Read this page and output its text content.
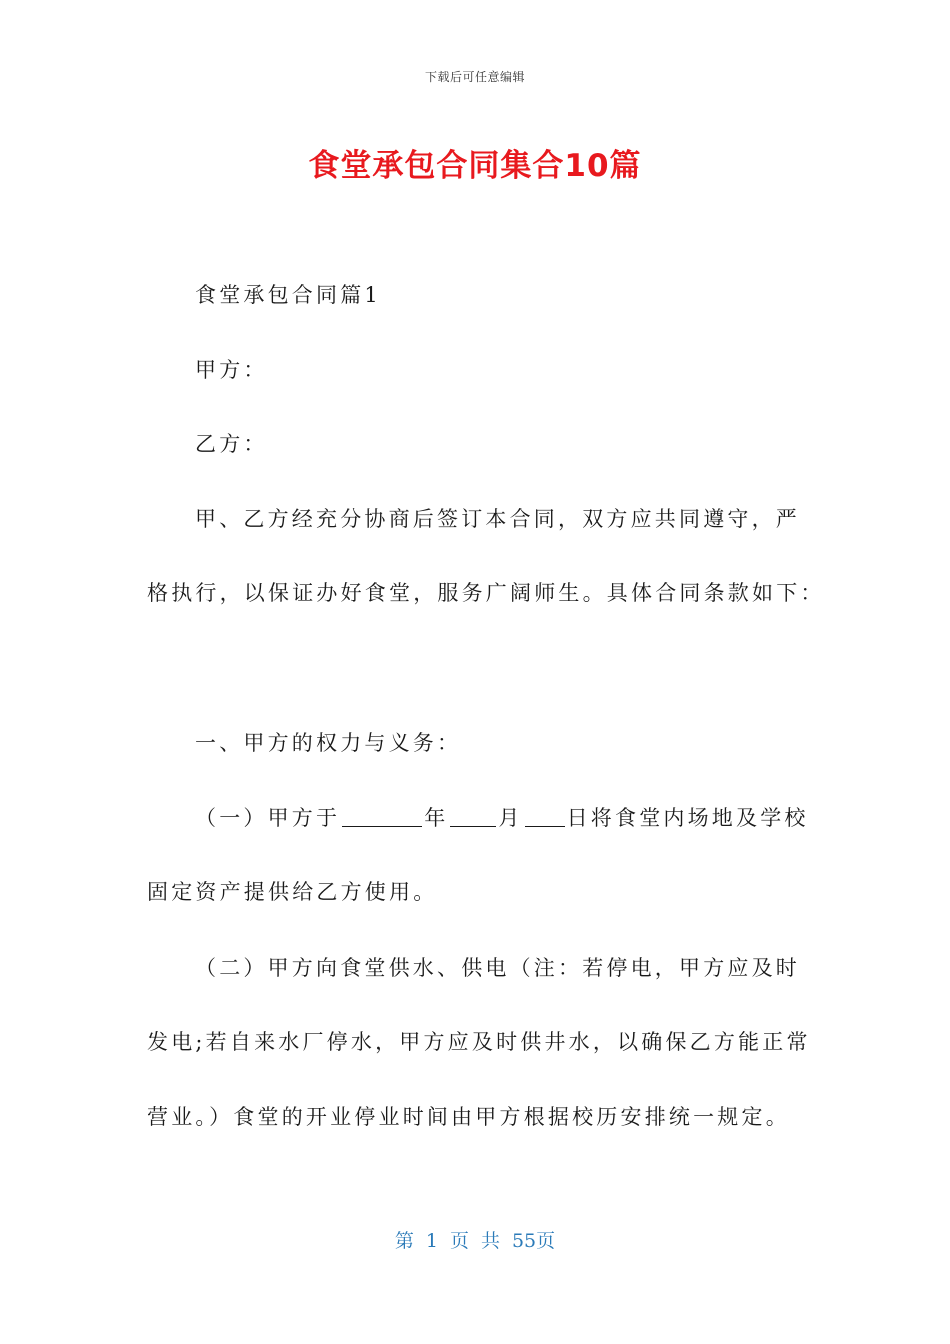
下载后可任意编辑
食堂承包合同集合10篇
食堂承包合同篇1
甲方：
乙方：
甲、乙方经充分协商后签订本合同，双方应共同遵守，严
格执行，以保证办好食堂，服务广阔师生。具体合同条款如下：
一、甲方的权力与义务：
（一）甲方于	年 月 日将食堂内场地及学校
固定资产提供给乙方使用。
（二）甲方向食堂供水、供电（注：若停电，甲方应及时
发电;若自来水厂停水，甲方应及时供井水，以确保乙方能正常
营业。）食堂的开业停业时间由甲方根据校历安排统一规定。
第 1 页 共 55页
